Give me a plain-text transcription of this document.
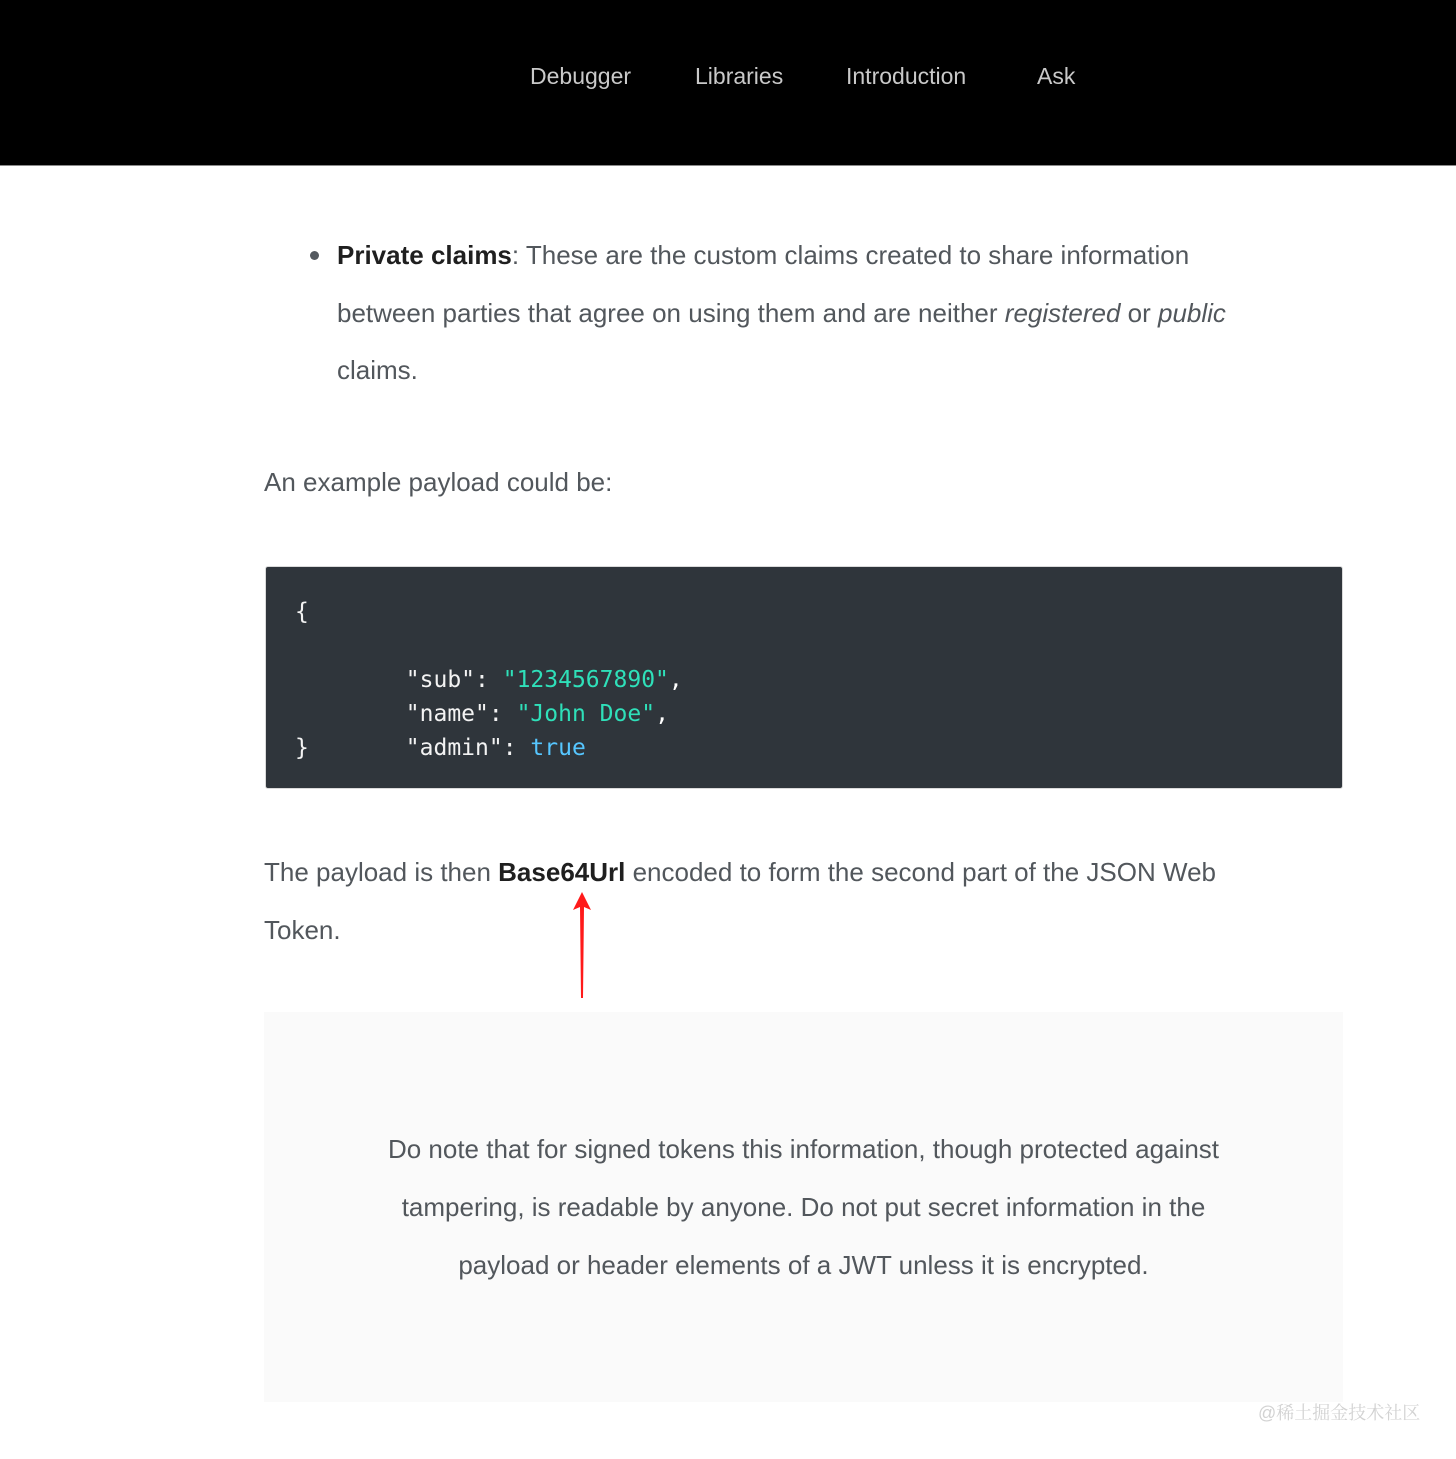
Debugger	Libraries	Introduction	Ask
Private claims: These are the custom claims created to share information
between parties that agree on using them and are neither registered or public
claims.
An example payload could be:
{

"sub": "1234567890",

"name": "John Doe",

"admin": true

}
The payload is then Base64Url encoded to form the second part of the JSON Web
Token.
Do note that for signed tokens this information, though protected against
tampering, is readable by anyone. Do not put secret information in the
payload or header elements of a JWT unless it is encrypted.
@稀土掘金技术社区
